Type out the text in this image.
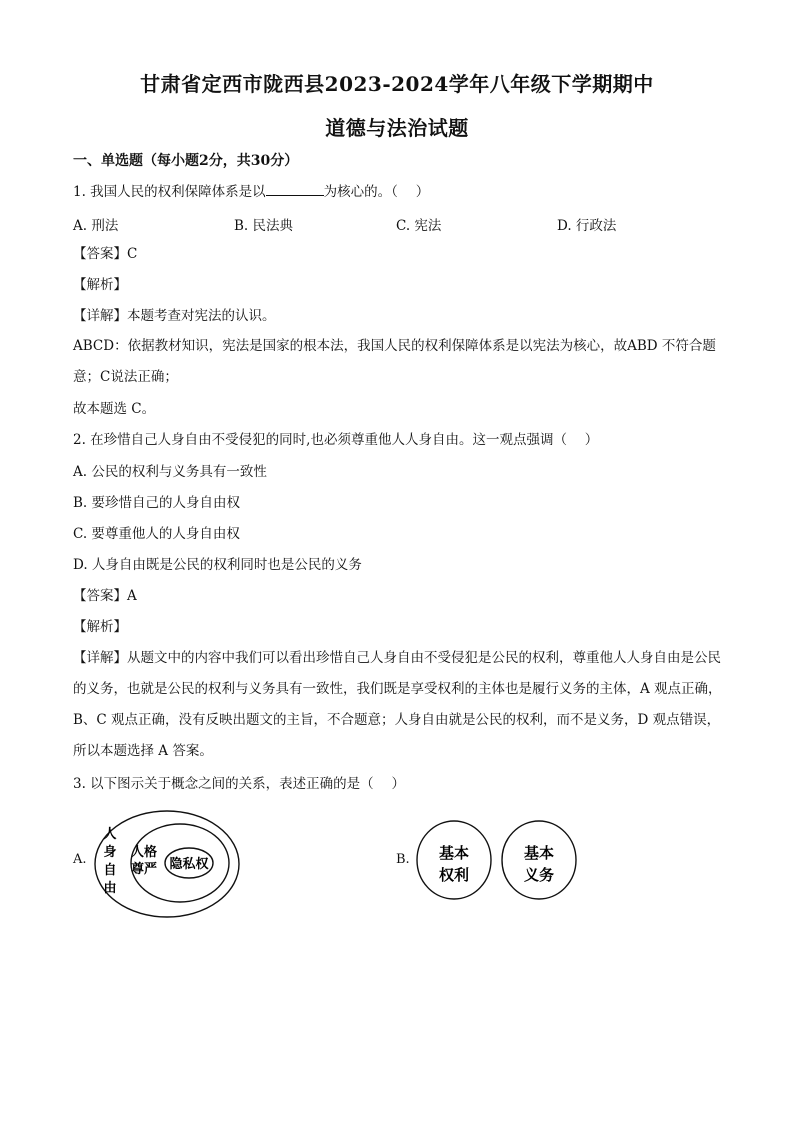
甘肃省定西市陇西县2023-2024学年八年级下学期期中
道德与法治试题
一、单选题（每小题2分，共30分）
1. 我国人民的权利保障体系是以	为核心的。（　 ）
A. 刑法	B. 民法典	C. 宪法	D. 行政法
【答案】C
【解析】
【详解】本题考查对宪法的认识。
ABCD：依据教材知识，宪法是国家的根本法，我国人民的权利保障体系是以宪法为核心，故ABD 不符合题意；C说法正确；
故本题选 C。
2. 在珍惜自己人身自由不受侵犯的同时,也必须尊重他人人身自由。这一观点强调（　 ）
A. 公民的权利与义务具有一致性
B. 要珍惜自己的人身自由权
C. 要尊重他人的人身自由权
D. 人身自由既是公民的权利同时也是公民的义务
【答案】A
【解析】
【详解】从题文中的内容中我们可以看出珍惜自己人身自由不受侵犯是公民的权利，尊重他人人身自由是公民的义务，也就是公民的权利与义务具有一致性，我们既是享受权利的主体也是履行义务的主体，A 观点正确，B、C 观点正确，没有反映出题文的主旨，不合题意；人身自由就是公民的权利，而不是义务，D 观点错误，所以本题选择 A 答案。
3. 以下图示关于概念之间的关系，表述正确的是（　 ）
A.
人
身
自
由
人格
尊严 隐私权	B. 基本
权利
基本
义务
